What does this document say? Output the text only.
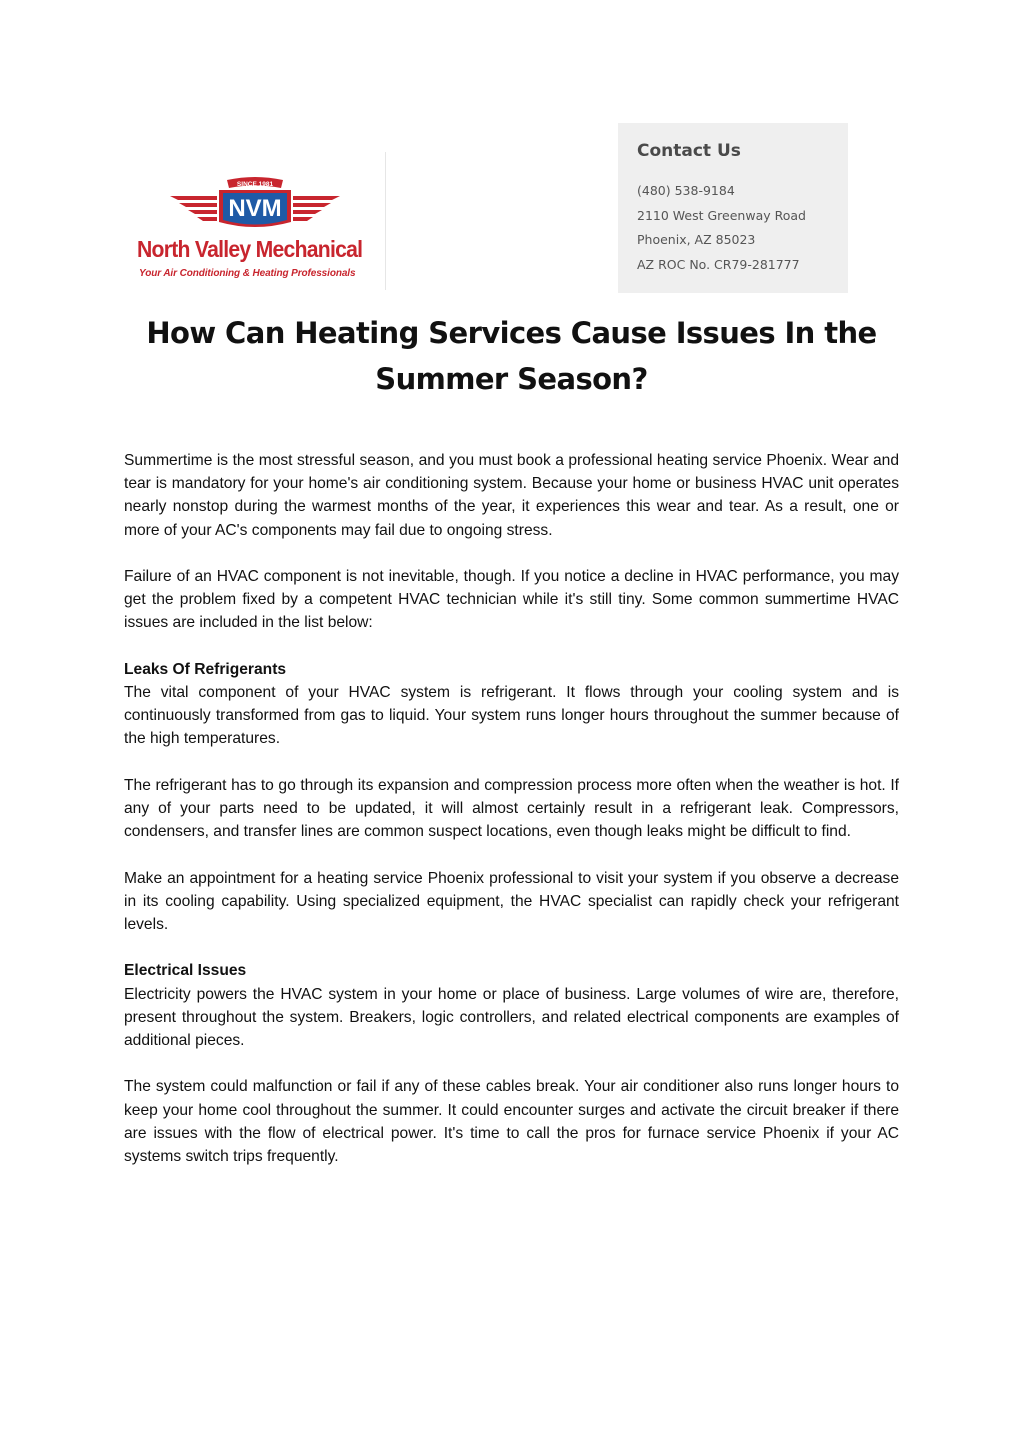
SINCE 1981
NVM
North Valley Mechanical
Your Air Conditioning & Heating Professionals
Contact Us
(480) 538-9184
2110 West Greenway Road
Phoenix, AZ 85023
AZ ROC No. CR79-281777
How Can Heating Services Cause Issues In the Summer Season?

Summertime is the most stressful season, and you must book a professional heating service Phoenix. Wear and tear is mandatory for your home's air conditioning system. Because your home or business HVAC unit operates nearly nonstop during the warmest months of the year, it experiences this wear and tear. As a result, one or more of your AC's components may fail due to ongoing stress.

Failure of an HVAC component is not inevitable, though. If you notice a decline in HVAC performance, you may get the problem fixed by a competent HVAC technician while it's still tiny. Some common summertime HVAC issues are included in the list below:

Leaks Of Refrigerants
The vital component of your HVAC system is refrigerant. It flows through your cooling system and is continuously transformed from gas to liquid. Your system runs longer hours throughout the summer because of the high temperatures.

The refrigerant has to go through its expansion and compression process more often when the weather is hot. If any of your parts need to be updated, it will almost certainly result in a refrigerant leak. Compressors, condensers, and transfer lines are common suspect locations, even though leaks might be difficult to find.

Make an appointment for a heating service Phoenix professional to visit your system if you observe a decrease in its cooling capability. Using specialized equipment, the HVAC specialist can rapidly check your refrigerant levels.

Electrical Issues
Electricity powers the HVAC system in your home or place of business. Large volumes of wire are, therefore, present throughout the system. Breakers, logic controllers, and related electrical components are examples of additional pieces.

The system could malfunction or fail if any of these cables break. Your air conditioner also runs longer hours to keep your home cool throughout the summer. It could encounter surges and activate the circuit breaker if there are issues with the flow of electrical power. It's time to call the pros for furnace service Phoenix if your AC systems switch trips frequently.
